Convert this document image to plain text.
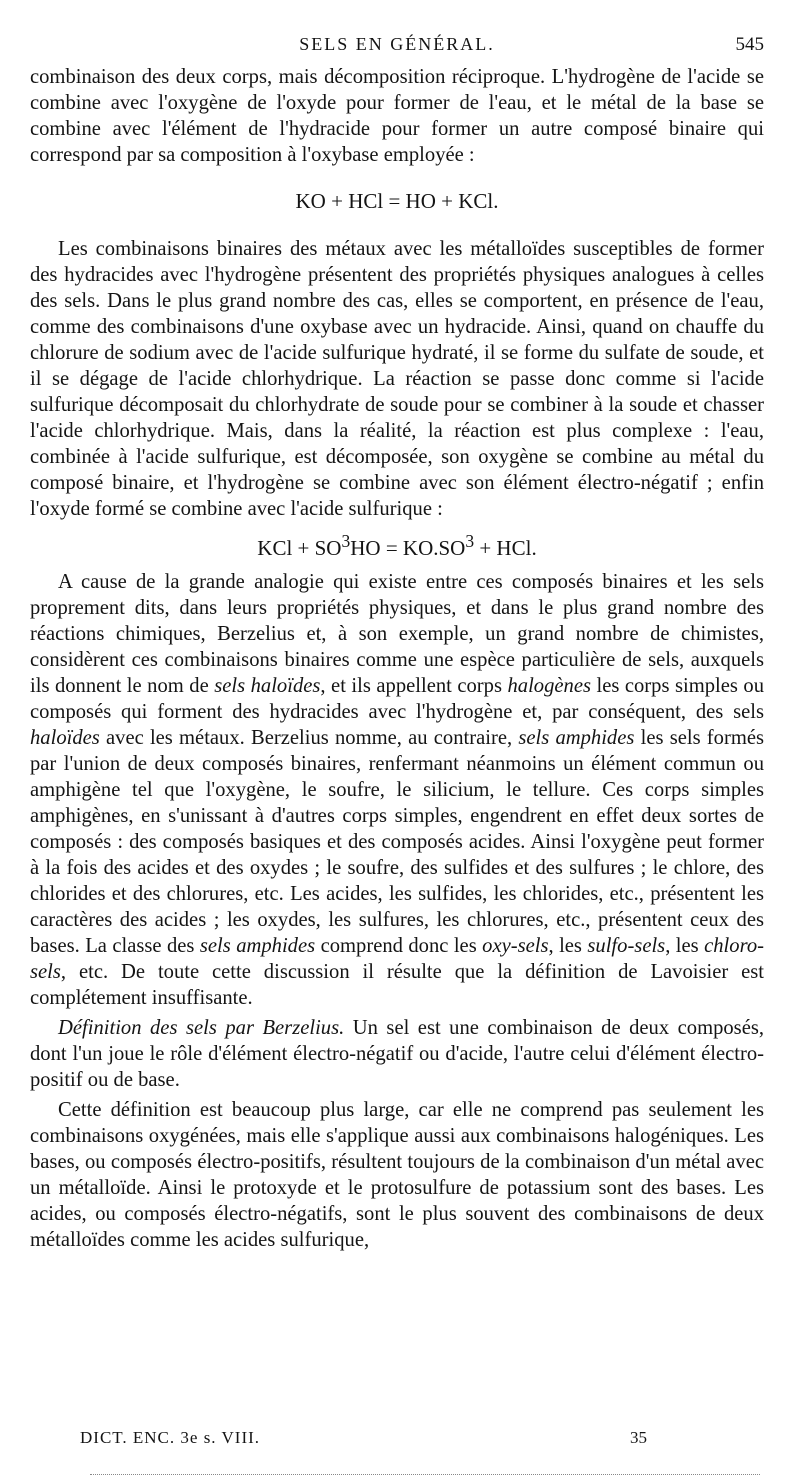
SELS EN GÉNÉRAL.	545

combinaison des deux corps, mais décomposition réciproque. L'hydrogène de l'acide se combine avec l'oxygène de l'oxyde pour former de l'eau, et le métal de la base se combine avec l'élément de l'hydracide pour former un autre composé binaire qui correspond par sa composition à l'oxybase employée :

KO + HCl = HO + KCl.

Les combinaisons binaires des métaux avec les métalloïdes susceptibles de former des hydracides avec l'hydrogène présentent des propriétés physiques analogues à celles des sels. Dans le plus grand nombre des cas, elles se comportent, en présence de l'eau, comme des combinaisons d'une oxybase avec un hydracide. Ainsi, quand on chauffe du chlorure de sodium avec de l'acide sulfurique hydraté, il se forme du sulfate de soude, et il se dégage de l'acide chlorhydrique. La réaction se passe donc comme si l'acide sulfurique décomposait du chlorhydrate de soude pour se combiner à la soude et chasser l'acide chlorhydrique. Mais, dans la réalité, la réaction est plus complexe : l'eau, combinée à l'acide sulfurique, est décomposée, son oxygène se combine au métal du composé binaire, et l'hydrogène se combine avec son élément électro-négatif ; enfin l'oxyde formé se combine avec l'acide sulfurique :

KCl + $SO^3HO = KO.SO^3$ + HCl.

A cause de la grande analogie qui existe entre ces composés binaires et les sels proprement dits, dans leurs propriétés physiques, et dans le plus grand nombre des réactions chimiques, Berzelius et, à son exemple, un grand nombre de chimistes, considèrent ces combinaisons binaires comme une espèce particulière de sels, auxquels ils donnent le nom de sels haloïdes, et ils appellent corps halogènes les corps simples ou composés qui forment des hydracides avec l'hydrogène et, par conséquent, des sels haloïdes avec les métaux. Berzelius nomme, au contraire, sels amphides les sels formés par l'union de deux composés binaires, renfermant néanmoins un élément commun ou amphigène tel que l'oxygène, le soufre, le silicium, le tellure. Ces corps simples amphigènes, en s'unissant à d'autres corps simples, engendrent en effet deux sortes de composés : des composés basiques et des composés acides. Ainsi l'oxygène peut former à la fois des acides et des oxydes ; le soufre, des sulfides et des sulfures ; le chlore, des chlorides et des chlorures, etc. Les acides, les sulfides, les chlorides, etc., présentent les caractères des acides ; les oxydes, les sulfures, les chlorures, etc., présentent ceux des bases. La classe des sels amphides comprend donc les oxy-sels, les sulfo-sels, les chloro-sels, etc. De toute cette discussion il résulte que la définition de Lavoisier est complétement insuffisante.

Définition des sels par Berzelius. Un sel est une combinaison de deux composés, dont l'un joue le rôle d'élément électro-négatif ou d'acide, l'autre celui d'élément électro-positif ou de base.

Cette définition est beaucoup plus large, car elle ne comprend pas seulement les combinaisons oxygénées, mais elle s'applique aussi aux combinaisons halogéniques. Les bases, ou composés électro-positifs, résultent toujours de la combinaison d'un métal avec un métalloïde. Ainsi le protoxyde et le protosulfure de potassium sont des bases. Les acides, ou composés électro-négatifs, sont le plus souvent des combinaisons de deux métalloïdes comme les acides sulfurique,

DICT. ENC. 3e s. VIII.	35
